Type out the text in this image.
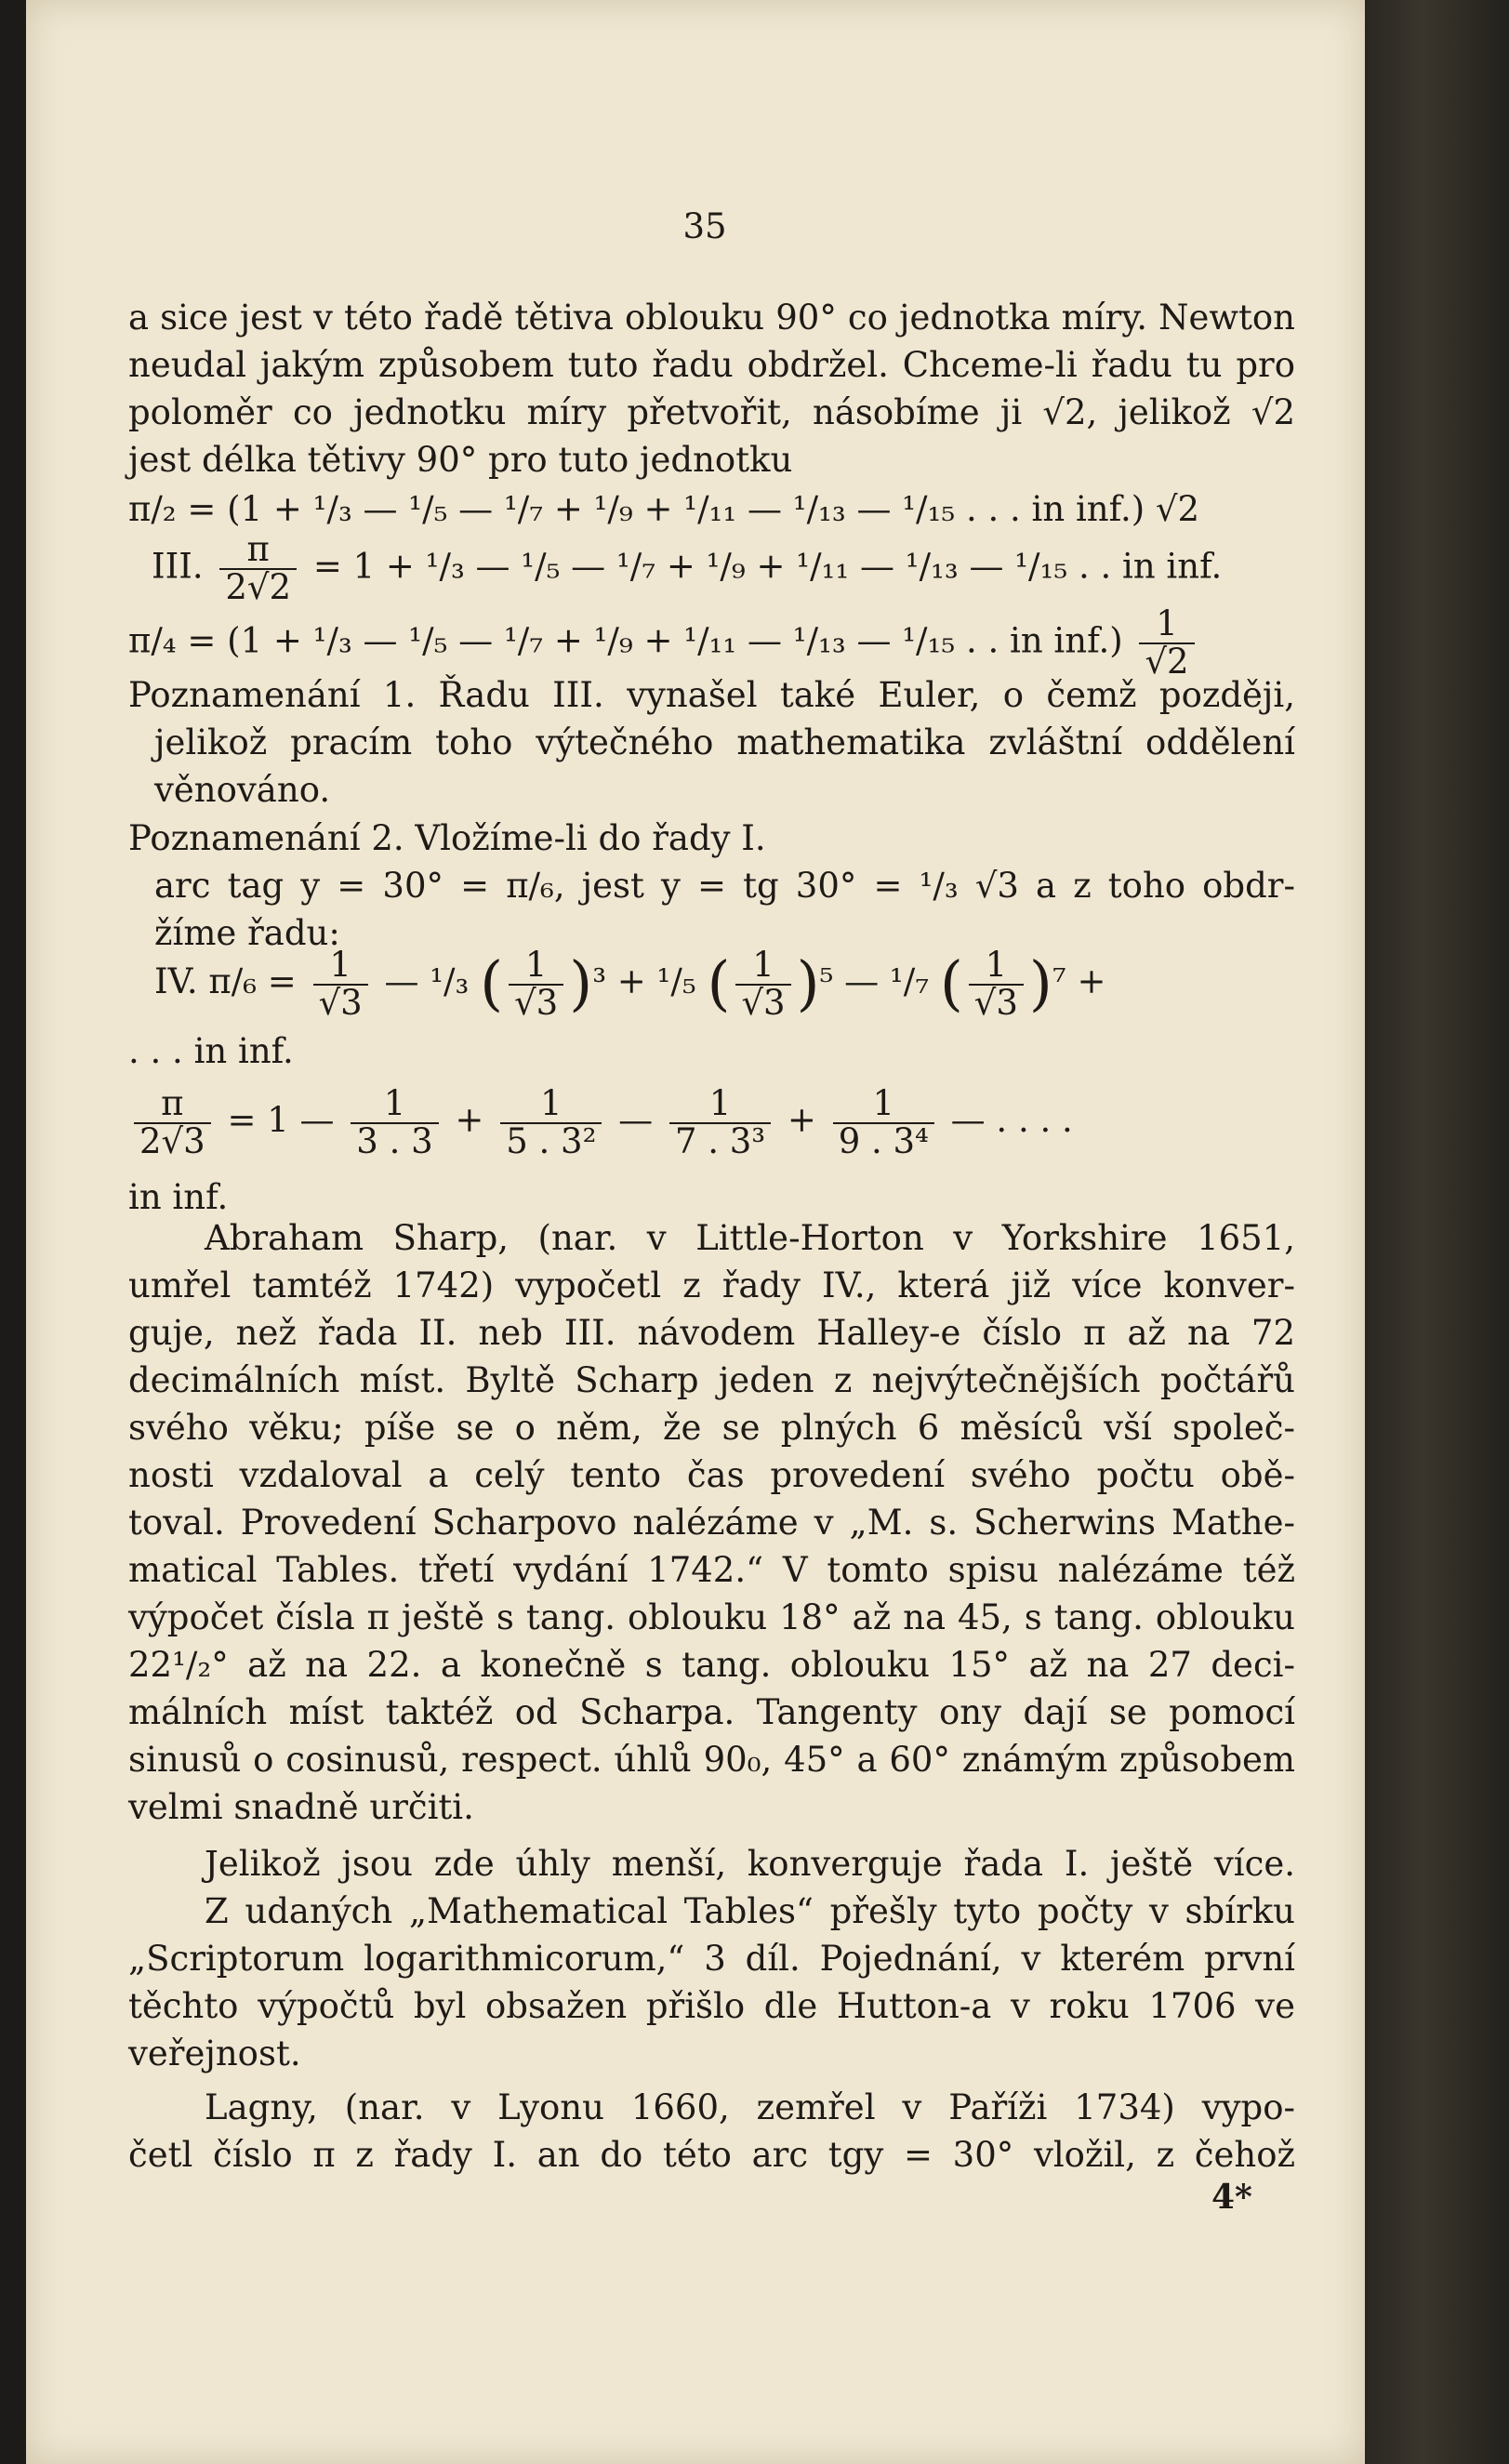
35
a sice jest v této řadě tětiva oblouku 90° co jednotka míry. Newton
neudal jakým způsobem tuto řadu obdržel. Chceme-li řadu tu pro
poloměr co jednotku míry přetvořit, násobíme ji √2, jelikož √2
jest délka tětivy 90° pro tuto jednotku
π/₂ = (1 + ¹/₃ — ¹/₅ — ¹/₇ + ¹/₉ + ¹/₁₁ — ¹/₁₃ — ¹/₁₅ . . . in inf.) √2
III. $\frac{\pi}{2√2} = 1 + ^1/_3$ — ¹/₅ — ¹/₇ + ¹/₉ + ¹/₁₁ — ¹/₁₃ — ¹/₁₅ . . in inf.
π/₄ = (1 + ¹/₃ — ¹/₅ — ¹/₇ + ¹/₉ + ¹/₁₁ — ¹/₁₃ — ¹/₁₅ . . in $inf.) \frac{1}{√2}$
Poznamenání 1. Řadu III. vynašel také Euler, o čemž později,
jelikož pracím toho výtečného mathematika zvláštní oddělení
věnováno.
Poznamenání 2. Vložíme-li do řady I.
arc tag y = 30° = π/₆, jest y = tg 30° = ¹/₃ √3 a z toho obdr-
žíme řadu:
IV. $\pi/_6 = \frac{1}{√3}$ — ¹/₃ ( $\frac{1}{√3} )^3 + ^1/_5$ ( $\frac{1}{√3} )^5$ — ¹/₇ ( $\frac{1}{√3} )^7$ +
. . . in inf.
$\frac{\pi}{2√3} = 1$ — $\frac{1}{3 . 3} + \frac{1}{\text{5 . 3²}}$ — $\frac{1}{\text{7 . 3³}} + \frac{1}{\text{9 . 3⁴}}$ — . . . .
in inf.
Abraham Sharp, (nar. v Little-Horton v Yorkshire 1651,
umřel tamtéž 1742) vypočetl z řady IV., která již více konver-
guje, než řada II. neb III. návodem Halley-e číslo π až na 72
decimálních míst. Byltě Scharp jeden z nejvýtečnějších počtářů
svého věku; píše se o něm, že se plných 6 měsíců vší společ-
nosti vzdaloval a celý tento čas provedení svého počtu obě-
toval. Provedení Scharpovo nalézáme v „M. s. Scherwins Mathe-
matical Tables. třetí vydání 1742.“ V tomto spisu nalézáme též
výpočet čísla π ještě s tang. oblouku 18° až na 45, s tang. oblouku
22¹/₂° až na 22. a konečně s tang. oblouku 15° až na 27 deci-
málních míst taktéž od Scharpa. Tangenty ony dají se pomocí
sinusů o cosinusů, respect. úhlů 90₀, 45° a 60° známým způsobem
velmi snadně určiti.
Jelikož jsou zde úhly menší, konverguje řada I. ještě více.
Z udaných „Mathematical Tables“ přešly tyto počty v sbírku
„Scriptorum logarithmicorum,“ 3 díl. Pojednání, v kterém první
těchto výpočtů byl obsažen přišlo dle Hutton-a v roku 1706 ve
veřejnost.
Lagny, (nar. v Lyonu 1660, zemřel v Paříži 1734) vypo-
četl číslo π z řady I. an do této arc tgy = 30° vložil, z čehož
4*
